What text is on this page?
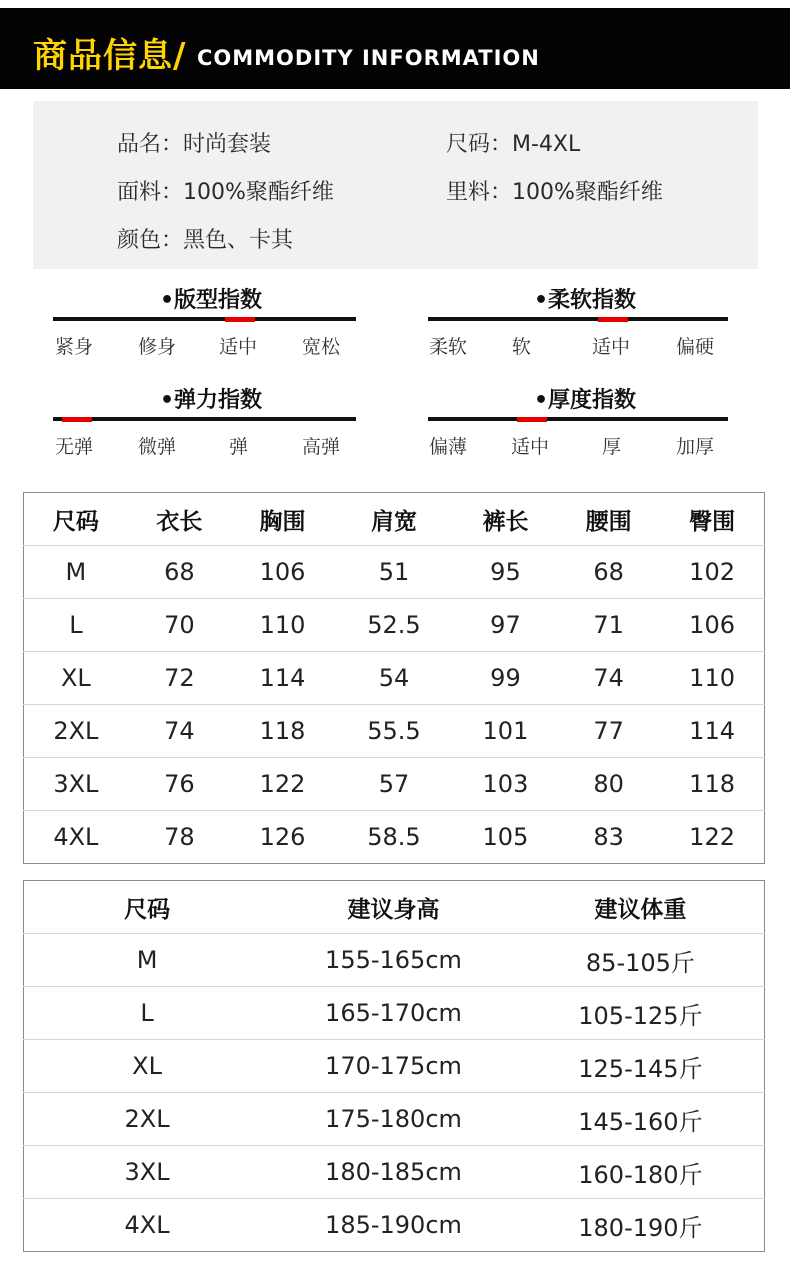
商品信息/ COMMODITY INFORMATION
品名：时尚套装	尺码：M-4XL
面料：100%聚酯纤维	里料：100%聚酯纤维
颜色：黑色、卡其
•版型指数
紧身 修身 适中 宽松
•柔软指数
柔软 软	适中 偏硬
•弹力指数
无弹 微弹	弹	高弹
•厚度指数
偏薄 适中	厚	加厚
尺码	衣长	胸围	肩宽	裤长	腰围	臀围
M	68	106	51	95	68	102
L	70	110	52.5	97	71	106
XL	72	114	54	99	74	110
2XL	74	118	55.5	101	77	114
3XL	76	122	57	103	80	118
4XL	78	126	58.5	105	83	122
尺码	建议身高	建议体重
M	155-165cm	85-105斤
L	165-170cm	105-125斤
XL	170-175cm	125-145斤
2XL	175-180cm	145-160斤
3XL	180-185cm	160-180斤
4XL	185-190cm	180-190斤
